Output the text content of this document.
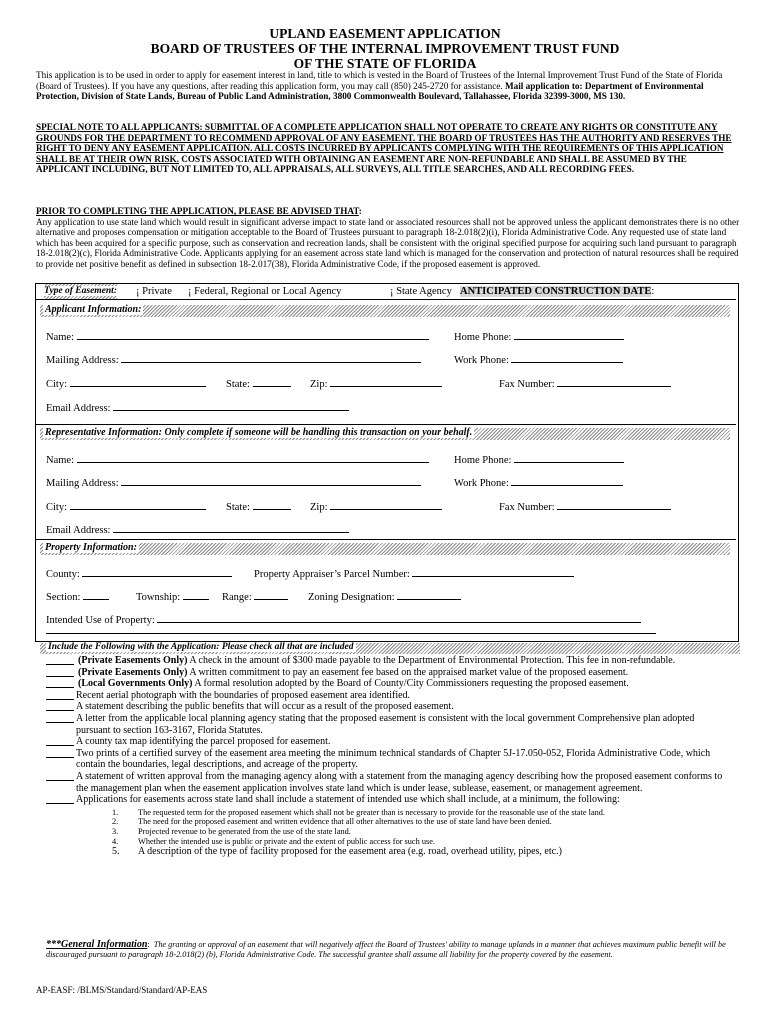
UPLAND EASEMENT APPLICATION
BOARD OF TRUSTEES OF THE INTERNAL IMPROVEMENT TRUST FUND
OF THE STATE OF FLORIDA
This application is to be used in order to apply for easement interest in land, title to which is vested in the Board of Trustees of the Internal Improvement Trust Fund of the State of Florida (Board of Trustees). If you have any questions, after reading this application form, you may call (850) 245-2720 for assistance. Mail application to: Department of Environmental Protection, Division of State Lands, Bureau of Public Land Administration, 3800 Commonwealth Boulevard, Tallahassee, Florida 32399-3000, MS 130.
SPECIAL NOTE TO ALL APPLICANTS: SUBMITTAL OF A COMPLETE APPLICATION SHALL NOT OPERATE TO CREATE ANY RIGHTS OR CONSTITUTE ANY GROUNDS FOR THE DEPARTMENT TO RECOMMEND APPROVAL OF ANY EASEMENT. THE BOARD OF TRUSTEES HAS THE AUTHORITY AND RESERVES THE RIGHT TO DENY ANY EASEMENT APPLICATION. ALL COSTS INCURRED BY APPLICANTS COMPLYING WITH THE REQUIREMENTS OF THIS APPLICATION SHALL BE AT THEIR OWN RISK. COSTS ASSOCIATED WITH OBTAINING AN EASEMENT ARE NON-REFUNDABLE AND SHALL BE ASSUMED BY THE APPLICANT INCLUDING, BUT NOT LIMITED TO, ALL APPRAISALS, ALL SURVEYS, ALL TITLE SEARCHES, AND ALL RECORDING FEES.
PRIOR TO COMPLETING THE APPLICATION, PLEASE BE ADVISED THAT:
Any application to use state land which would result in significant adverse impact to state land or associated resources shall not be approved unless the applicant demonstrates there is no other alternative and proposes compensation or mitigation acceptable to the Board of Trustees pursuant to paragraph 18-2.018(2)(i), Florida Administrative Code. Any requested use of state land which has been acquired for a specific purpose, such as conservation and recreation lands, shall be consistent with the original specified purpose for acquiring such land pursuant to paragraph 18-2.018(2)(c), Florida Administrative Code. Applicants applying for an easement across state land which is managed for the conservation and protection of natural resources shall be required to provide net positive benefit as defined in subsection 18-2.017(38), Florida Administrative Code, if the proposed easement is approved.
Type of Easement: ¡ Private ¡ Federal, Regional or Local Agency	¡ State Agency ANTICIPATED CONSTRUCTION DATE:
Applicant Information:
Name:	Home Phone:
Mailing Address:	Work Phone:
City:	State:	Zip:	Fax Number:
Email Address:
Representative Information: Only complete if someone will be handling this transaction on your behalf.
Name:	Home Phone:
Mailing Address:	Work Phone:
City:	State:	Zip:	Fax Number:
Email Address:
Property Information:
County:	Property Appraiser’s Parcel Number:
Section:	Township:	Range:	Zoning Designation:
Intended Use of Property:
Include the Following with the Application: Please check all that are included
(Private Easements Only) A check in the amount of $300 made payable to the Department of Environmental Protection. This fee in non-refundable.
(Private Easements Only) A written commitment to pay an easement fee based on the appraised market value of the proposed easement.
(Local Governments Only) A formal resolution adopted by the Board of County/City Commissioners requesting the proposed easement.
Recent aerial photograph with the boundaries of proposed easement area identified.
A statement describing the public benefits that will occur as a result of the proposed easement.
A letter from the applicable local planning agency stating that the proposed easement is consistent with the local government Comprehensive plan adopted pursuant to section 163-3167, Florida Statutes.
A county tax map identifying the parcel proposed for easement.
Two prints of a certified survey of the easement area meeting the minimum technical standards of Chapter 5J-17.050-052, Florida Administrative Code, which contain the boundaries, legal descriptions, and acreage of the property.
A statement of written approval from the managing agency along with a statement from the managing agency describing how the proposed easement conforms to the management plan when the easement application involves state land which is under lease, sublease, easement, or management agreement.
Applications for easements across state land shall include a statement of intended use which shall include, at a minimum, the following:
1.	The requested term for the proposed easement which shall not be greater than is necessary to provide for the reasonable use of the state land.
2.	The need for the proposed easement and written evidence that all other alternatives to the use of state land have been denied.
3.	Projected revenue to be generated from the use of the state land.
4.	Whether the intended use is public or private and the extent of public access for such use.
5.	A description of the type of facility proposed for the easement area (e.g. road, overhead utility, pipes, etc.)
***General Information:  The granting or approval of an easement that will negatively affect the Board of Trustees' ability to manage uplands in a manner that achieves maximum public benefit will be discouraged pursuant to paragraph 18-2.018(2) (b), Florida Administrative Code. The successful grantee shall assume all liability for the property covered by the easement.
AP-EASF: /BLMS/Standard/Standard/AP-EAS
